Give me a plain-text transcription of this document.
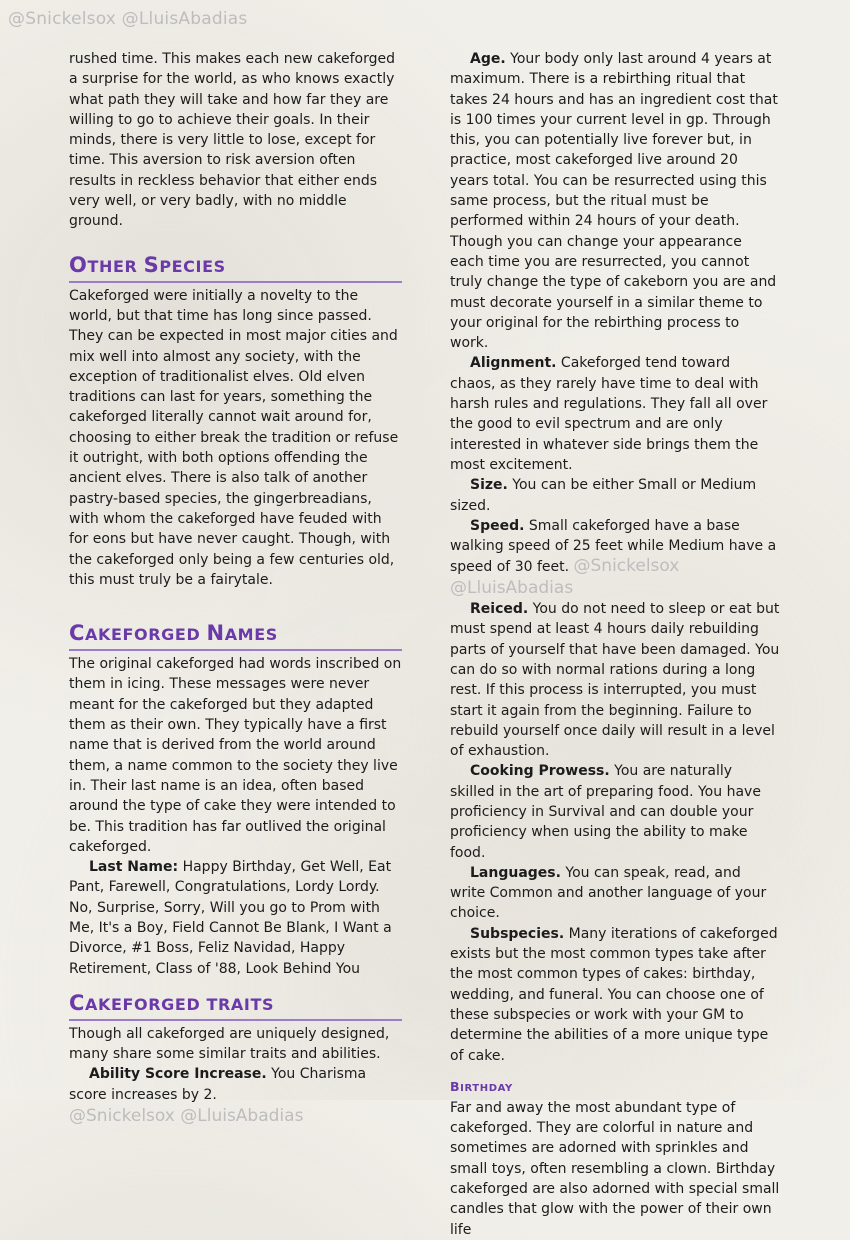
@Snickelsox @LluisAbadias

rushed time. This makes each new cakeforged a surprise for the world, as who knows exactly what path they will take and how far they are willing to go to achieve their goals. In their minds, there is very little to lose, except for time. This aversion to risk aversion often results in reckless behavior that either ends very well, or very badly, with no middle ground.

OTHER SPECIES

Cakeforged were initially a novelty to the world, but that time has long since passed. They can be expected in most major cities and mix well into almost any society, with the exception of traditionalist elves. Old elven traditions can last for years, something the cakeforged literally cannot wait around for, choosing to either break the tradition or refuse it outright, with both options offending the ancient elves. There is also talk of another pastry-based species, the gingerbreadians, with whom the cakeforged have feuded with for eons but have never caught. Though, with the cakeforged only being a few centuries old, this must truly be a fairytale.

CAKEFORGED NAMES

The original cakeforged had words inscribed on them in icing. These messages were never meant for the cakeforged but they adapted them as their own. They typically have a first name that is derived from the world around them, a name common to the society they live in. Their last name is an idea, often based around the type of cake they were intended to be. This tradition has far outlived the original cakeforged.

Last Name: Happy Birthday, Get Well, Eat Pant, Farewell, Congratulations, Lordy Lordy. No, Surprise, Sorry, Will you go to Prom with Me, It's a Boy, Field Cannot Be Blank, I Want a Divorce, #1 Boss, Feliz Navidad, Happy Retirement, Class of '88, Look Behind You

CAKEFORGED TRAITS

Though all cakeforged are uniquely designed, many share some similar traits and abilities.

Ability Score Increase. You Charisma score increases by 2.

@Snickelsox @LluisAbadias

Age. Your body only last around 4 years at maximum. There is a rebirthing ritual that takes 24 hours and has an ingredient cost that is 100 times your current level in gp. Through this, you can potentially live forever but, in practice, most cakeforged live around 20 years total. You can be resurrected using this same process, but the ritual must be performed within 24 hours of your death. Though you can change your appearance each time you are resurrected, you cannot truly change the type of cakeborn you are and must decorate yourself in a similar theme to your original for the rebirthing process to work.

Alignment. Cakeforged tend toward chaos, as they rarely have time to deal with harsh rules and regulations. They fall all over the good to evil spectrum and are only interested in whatever side brings them the most excitement.

Size. You can be either Small or Medium sized.

Speed. Small cakeforged have a base walking speed of 25 feet while Medium have a speed of 30 feet. @Snickelsox @LluisAbadias

Reiced. You do not need to sleep or eat but must spend at least 4 hours daily rebuilding parts of yourself that have been damaged. You can do so with normal rations during a long rest. If this process is interrupted, you must start it again from the beginning. Failure to rebuild yourself once daily will result in a level of exhaustion.

Cooking Prowess. You are naturally skilled in the art of preparing food. You have proficiency in Survival and can double your proficiency when using the ability to make food.

Languages. You can speak, read, and write Common and another language of your choice.

Subspecies. Many iterations of cakeforged exists but the most common types take after the most common types of cakes: birthday, wedding, and funeral. You can choose one of these subspecies or work with your GM to determine the abilities of a more unique type of cake.

BIRTHDAY

Far and away the most abundant type of cakeforged. They are colorful in nature and sometimes are adorned with sprinkles and small toys, often resembling a clown. Birthday cakeforged are also adorned with special small candles that glow with the power of their own life
